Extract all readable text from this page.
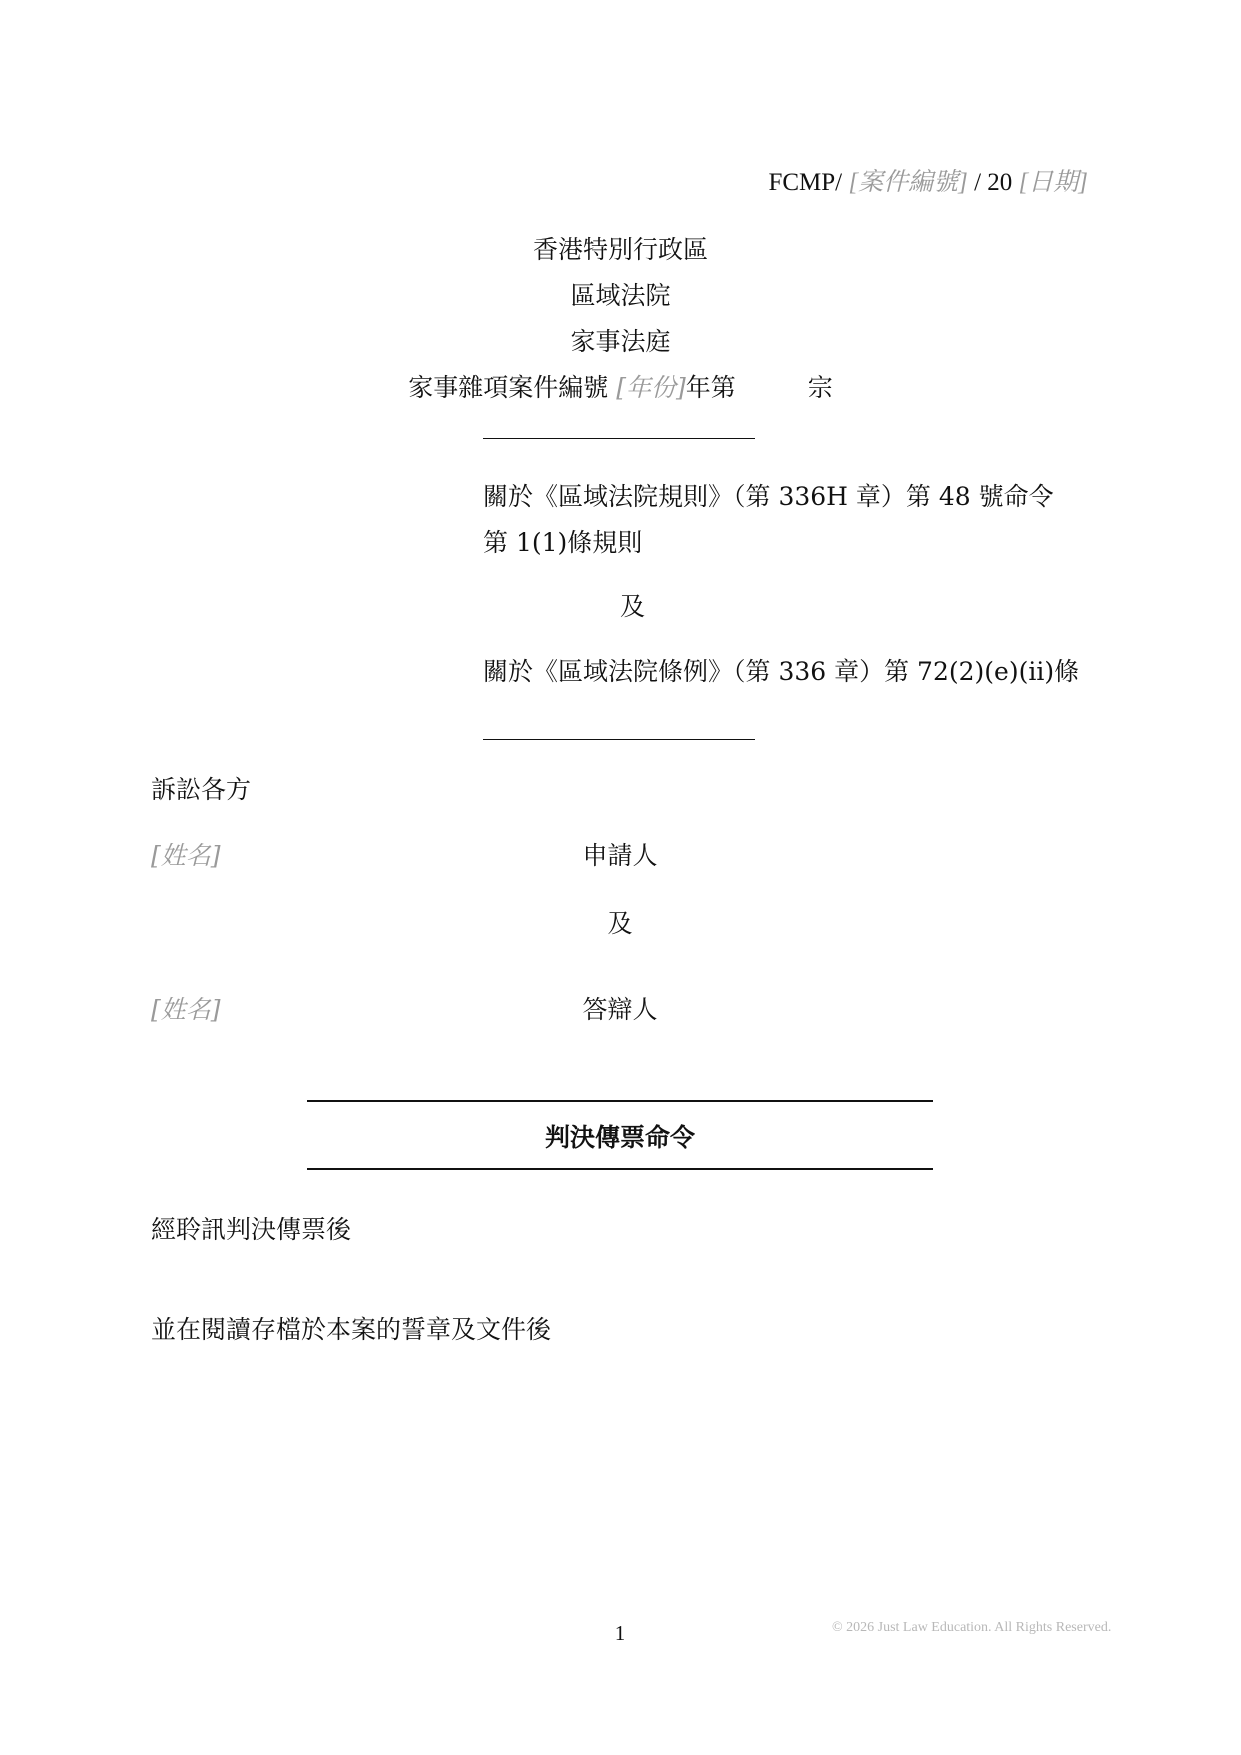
FCMP/ [案件編號] / 20 [日期]
香港特別行政區
區域法院
家事法庭
家事雜項案件編號 [年份]年第	宗
關於《區域法院規則》（第 336H 章）第 48 號命令第 1(1)條規則
及
關於《區域法院條例》（第 336 章）第 72(2)(e)(ii)條
訴訟各方
[姓名]	申請人
及
[姓名]	答辯人
判決傳票命令
經聆訊判決傳票後
並在閱讀存檔於本案的誓章及文件後
1	© 2026 Just Law Education. All Rights Reserved.
